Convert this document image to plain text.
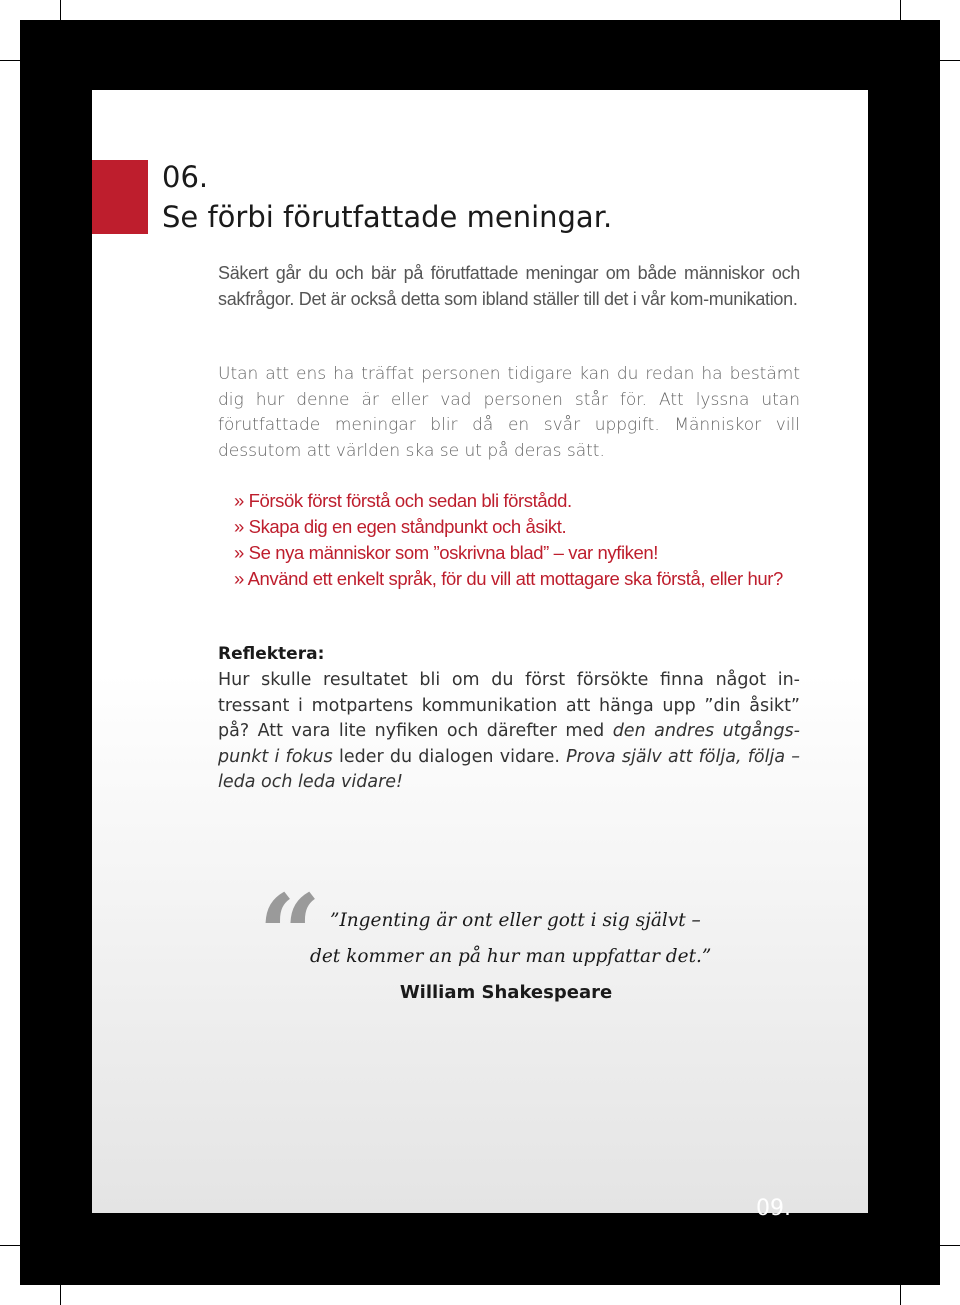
06.
Se förbi förutfattade meningar.
Säkert går du och bär på förutfattade meningar om både människor och sakfrågor. Det är också detta som ibland ställer till det i vår kom-munikation.
Utan att ens ha träffat personen tidigare kan du redan ha bestämt dig hur denne är eller vad personen står för. Att lyssna utan förutfattade meningar blir då en svår uppgift. Människor vill dessutom att världen ska se ut på deras sätt.
» Försök först förstå och sedan bli förstådd.
» Skapa dig en egen ståndpunkt och åsikt.
» Se nya människor som ”oskrivna blad” – var nyfiken!
» Använd ett enkelt språk, för du vill att mottagare ska förstå, eller hur?
Reflektera:
Hur skulle resultatet bli om du först försökte finna något in-tressant i motpartens kommunikation att hänga upp ”din åsikt” på? Att vara lite nyfiken och därefter med den andres utgångs-punkt i fokus leder du dialogen vidare. Prova själv att följa, följa – leda och leda vidare!
“ ”Ingenting är ont eller gott i sig självt –
det kommer an på hur man uppfattar det.”
William Shakespeare
09.
